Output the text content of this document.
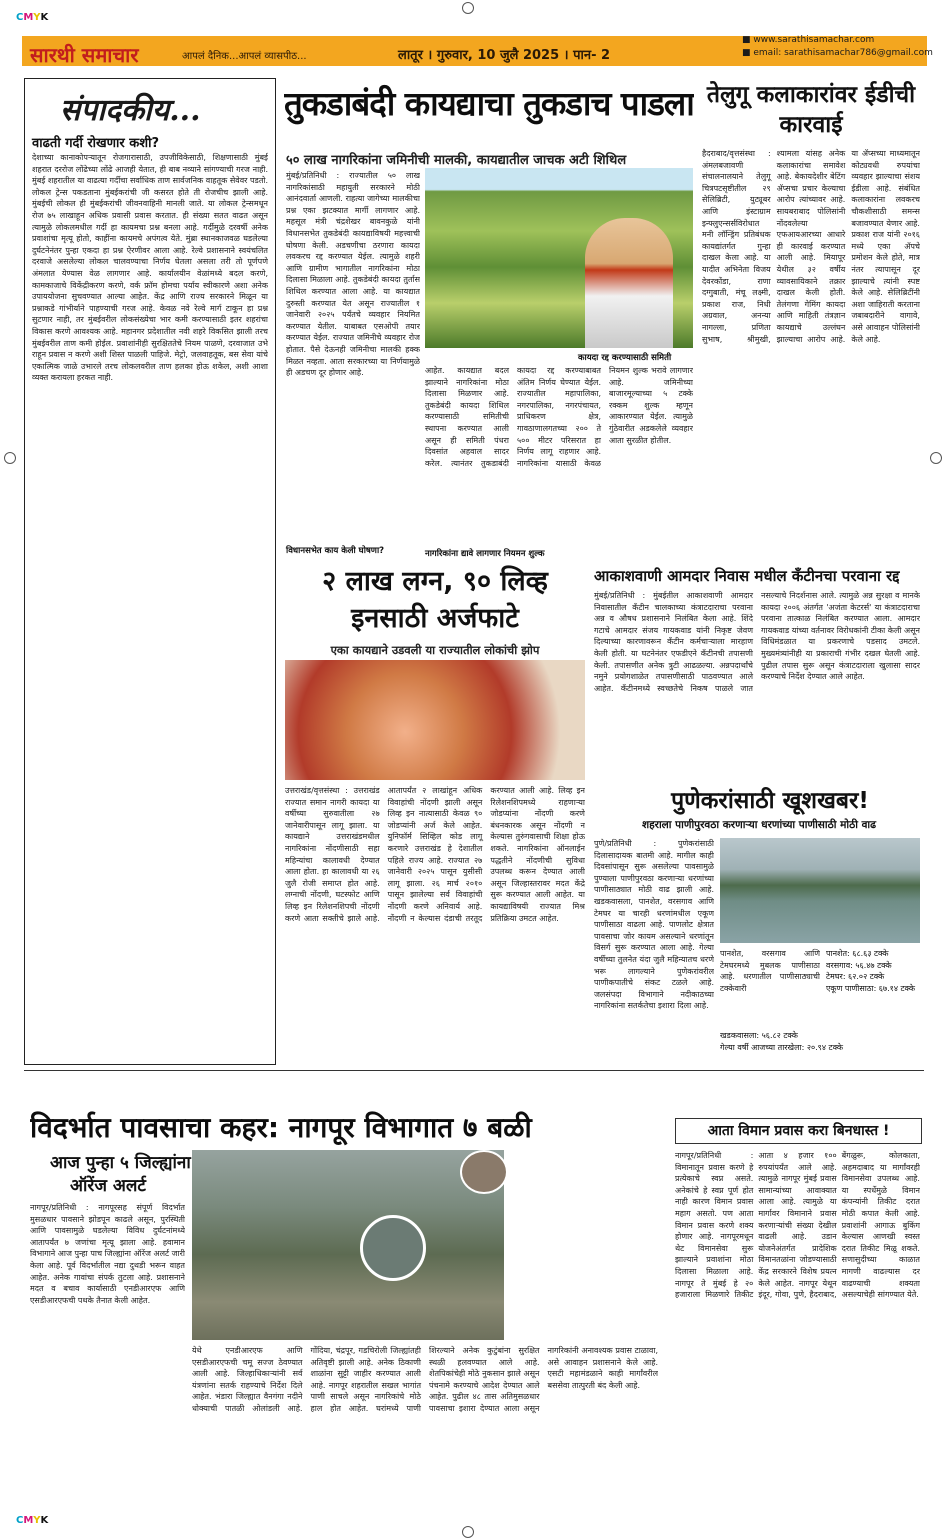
CMYK
CMYK
सारथी समाचार	आपलं दैनिक...आपलं व्यासपीठ...	लातूर । गुरुवार, 10 जुलै 2025 । पान- 2
■ www.sarathisamachar.com
■ email: sarathisamachar786@gmail.com
संपादकीय...
वाढती गर्दी रोखणार कशी?
देशाच्या कानाकोपऱ्यातून रोजगारासाठी, उपजीविकेसाठी, शिक्षणासाठी मुंबई शहरात दररोज लोंढेच्या लोंढे आजही येतात, ही बाब नव्याने सांगण्याची गरज नाही. मुंबई शहरातील या वाढत्या गर्दीचा सर्वाधिक ताण सार्वजनिक वाहतूक सेवेवर पडतो. लोकल ट्रेन्स पकडताना मुंबईकरांची जी कसरत होते ती रोजचीच झाली आहे. मुंबईची लोकल ही मुंबईकरांची जीवनवाहिनी मानली जाते. या लोकल ट्रेन्समधून रोज ७५ लाखाहून अधिक प्रवासी प्रवास करतात. ही संख्या सतत वाढत असून त्यामुळे लोकलमधील गर्दी हा कायमचा प्रश्न बनला आहे. गर्दीमुळे दरवर्षी अनेक प्रवाशांचा मृत्यू होतो, काहींना कायमचे अपंगत्व येते. मुंब्रा स्थानकाजवळ घडलेल्या दुर्घटनेनंतर पुन्हा एकदा हा प्रश्न ऐरणीवर आला आहे. रेल्वे प्रशासनाने स्वयंचलित दरवाजे असलेल्या लोकल चालवण्याचा निर्णय घेतला असला तरी तो पूर्णपणे अंमलात येण्यास वेळ लागणार आहे. कार्यालयीन वेळांमध्ये बदल करणे, कामकाजाचे विकेंद्रीकरण करणे, वर्क फ्रॉम होमचा पर्याय स्वीकारणे अशा अनेक उपाययोजना सुचवण्यात आल्या आहेत. केंद्र आणि राज्य सरकारने मिळून या प्रश्नाकडे गांभीर्याने पाहण्याची गरज आहे. केवळ नवे रेल्वे मार्ग टाकून हा प्रश्न सुटणार नाही, तर मुंबईवरील लोकसंख्येचा भार कमी करण्यासाठी इतर शहरांचा विकास करणे आवश्यक आहे. महानगर प्रदेशातील नवी शहरे विकसित झाली तरच मुंबईवरील ताण कमी होईल. प्रवाशांनीही सुरक्षिततेचे नियम पाळणे, दरवाजात उभे राहून प्रवास न करणे अशी शिस्त पाळली पाहिजे. मेट्रो, जलवाहतूक, बस सेवा यांचे एकात्मिक जाळे उभारले तरच लोकलवरील ताण हलका होऊ शकेल, अशी आशा व्यक्त करायला हरकत नाही.
तुकडाबंदी कायद्याचा तुकडाच पाडला
५० लाख नागरिकांना जमिनीची मालकी, कायद्यातील जाचक अटी शिथिल
कायदा रद्द करण्यासाठी समिती
मुंबई/प्रतिनिधी : राज्यातील ५० लाख नागरिकांसाठी महायुती सरकारने मोठी आनंदवार्ता आणली. राहत्या जागेच्या मालकीचा प्रश्न एका झटक्यात मार्गी लागणार आहे. महसूल मंत्री चंद्रशेखर बावनकुळे यांनी विधानसभेत तुकडेबंदी कायद्याविषयी महत्त्वाची घोषणा केली. अडचणीचा ठरणारा कायदा लवकरच रद्द करण्यात येईल. त्यामुळे शहरी आणि ग्रामीण भागातील नागरिकांना मोठा दिलासा मिळाला आहे. तुकडेबंदी कायदा तुर्तास शिथिल करण्यात आला आहे. या कायद्यात दुरुस्ती करण्यात येत असून राज्यातील १ जानेवारी २०२५ पर्यंतचे व्यवहार नियमित करण्यात येतील. याबाबत एसओपी तयार करण्यात येईल. राज्यात जमिनीचे व्यवहार रोज होतात. पैसे देऊनही जमिनीचा मालकी हक्क मिळत नव्हता. आता सरकारच्या या निर्णयामुळे ही अडचण दूर होणार आहे.
विधानसभेत काय केली घोषणा?
आहेत. कायद्यात बदल झाल्याने नागरिकांना मोठा दिलासा मिळणार आहे. तुकडेबंदी कायदा शिथिल करण्यासाठी समितीची स्थापना करण्यात आली असून ही समिती पंधरा दिवसांत अहवाल सादर करेल. त्यानंतर तुकडाबंदी कायदा रद्द करण्याबाबत अंतिम निर्णय घेण्यात येईल. राज्यातील महापालिका, नगरपालिका, नगरपंचायत, प्राधिकरण क्षेत्र, गावठाणालगतच्या २०० ते ५०० मीटर परिसरात हा निर्णय लागू राहणार आहे. नागरिकांना यासाठी केवळ नियमन शुल्क भरावे लागणार आहे. जमिनीच्या बाजारमूल्याच्या ५ टक्के रक्कम शुल्क म्हणून आकारण्यात येईल. त्यामुळे गुंठेवारीत अडकलेले व्यवहार आता सुरळीत होतील.
नागरिकांना द्यावे लागणार नियमन शुल्क
तेलुगू कलाकारांवर ईडीची कारवाई
हैदराबाद/वृत्तसंस्था : अंमलबजावणी संचालनालयाने तेलुगू चित्रपटसृष्टीतील २९ सेलिब्रिटी, युट्यूबर आणि इंस्टाग्राम इन्फ्लुएन्सर्सविरोधात मनी लॉन्ड्रिंग प्रतिबंधक कायद्यांतर्गत गुन्हा दाखल केला आहे. या यादीत अभिनेता विजय देवरकोंडा, राणा दग्गुबाती, मंचू लक्ष्मी, प्रकाश राज, निधी अग्रवाल, अनन्या नागल्ला, प्रणिता सुभाष, श्रीमुखी, श्यामला यांसह अनेक कलाकारांचा समावेश आहे. बेकायदेशीर बेटिंग ॲप्सचा प्रचार केल्याचा आरोप त्यांच्यावर आहे. सायबराबाद पोलिसांनी नोंदवलेल्या एफआयआरच्या आधारे ही कारवाई करण्यात आली आहे. मियापूर येथील ३२ वर्षीय व्यावसायिकाने तक्रार दाखल केली होती. तेलंगणा गेमिंग कायदा आणि माहिती तंत्रज्ञान कायद्याचे उल्लंघन झाल्याचा आरोप आहे. या ॲप्सच्या माध्यमातून कोट्यवधी रुपयांचा व्यवहार झाल्याचा संशय ईडीला आहे. संबंधित कलाकारांना लवकरच चौकशीसाठी समन्स बजावण्यात येणार आहे. प्रकाश राज यांनी २०१६ मध्ये एका ॲपचे प्रमोशन केले होते, मात्र नंतर त्यापासून दूर झाल्याचे त्यांनी स्पष्ट केले आहे. सेलिब्रिटींनी अशा जाहिराती करताना जबाबदारीने वागावे, असे आवाहन पोलिसांनी केले आहे.
२ लाख लग्न, ९० लिव्ह
इनसाठी अर्जफाटे
एका कायद्याने उडवली या राज्यातील लोकांची झोप
उत्तराखंड/वृत्तसंस्था : उत्तराखंड राज्यात समान नागरी कायदा या वर्षीच्या सुरुवातीला २७ जानेवारीपासून लागू झाला. या कायद्याने उत्तराखंडमधील नागरिकांना नोंदणीसाठी सहा महिन्यांचा कालावधी देण्यात आला होता. हा कालावधी या २६ जुलै रोजी समाप्त होत आहे. लग्नाची नोंदणी, घटस्फोट आणि लिव्ह इन रिलेशनशिपची नोंदणी करणे आता सक्तीचे झाले आहे. आतापर्यंत २ लाखांहून अधिक विवाहांची नोंदणी झाली असून लिव्ह इन नात्यासाठी केवळ ९० जोडप्यांनी अर्ज केले आहेत. युनिफॉर्म सिव्हिल कोड लागू करणारे उत्तराखंड हे देशातील पहिले राज्य आहे. राज्यात २७ जानेवारी २०२५ पासून युसीसी लागू झाला. २६ मार्च २०१० पासून झालेल्या सर्व विवाहांची नोंदणी करणे अनिवार्य आहे. नोंदणी न केल्यास दंडाची तरतूद करण्यात आली आहे. लिव्ह इन रिलेशनशिपमध्ये राहणाऱ्या जोडप्यांना नोंदणी करणे बंधनकारक असून नोंदणी न केल्यास तुरुंगवासाची शिक्षा होऊ शकते. नागरिकांना ऑनलाईन पद्धतीने नोंदणीची सुविधा उपलब्ध करून देण्यात आली असून जिल्हास्तरावर मदत केंद्रे सुरू करण्यात आली आहेत. या कायद्याविषयी राज्यात मिश्र प्रतिक्रिया उमटत आहेत.
आकाशवाणी आमदार निवास मधील कँटीनचा परवाना रद्द
मुंबई/प्रतिनिधी : मुंबईतील आकाशवाणी आमदार निवासातील कँटीन चालकाच्या कंत्राटदाराचा परवाना अन्न व औषध प्रशासनाने निलंबित केला आहे. शिंदे गटाचे आमदार संजय गायकवाड यांनी निकृष्ट जेवण दिल्याच्या कारणावरून कँटीन कर्मचाऱ्याला मारहाण केली होती. या घटनेनंतर एफडीएने कँटीनची तपासणी केली. तपासणीत अनेक त्रुटी आढळल्या. अन्नपदार्थांचे नमुने प्रयोगशाळेत तपासणीसाठी पाठवण्यात आले आहेत. कँटीनमध्ये स्वच्छतेचे निकष पाळले जात नसल्याचे निदर्शनास आले. त्यामुळे अन्न सुरक्षा व मानके कायदा २००६ अंतर्गत 'अजंता केटरर्स' या कंत्राटदाराचा परवाना तात्काळ निलंबित करण्यात आला. आमदार गायकवाड यांच्या वर्तनावर विरोधकांनी टीका केली असून विधिमंडळात या प्रकरणाचे पडसाद उमटले. मुख्यमंत्र्यांनीही या प्रकाराची गंभीर दखल घेतली आहे. पुढील तपास सुरू असून कंत्राटदाराला खुलासा सादर करण्याचे निर्देश देण्यात आले आहेत.
पुणेकरांसाठी खूशखबर!
शहराला पाणीपुरवठा करणाऱ्या धरणांच्या पाणीसाठी मोठी वाढ
पुणे/प्रतिनिधी : पुणेकरांसाठी दिलासादायक बातमी आहे. मागील काही दिवसांपासून सुरू असलेल्या पावसामुळे पुण्याला पाणीपुरवठा करणाऱ्या धरणांच्या पाणीसाठ्यात मोठी वाढ झाली आहे. खडकवासला, पानशेत, वरसगाव आणि टेमघर या चारही धरणांमधील एकूण पाणीसाठा वाढला आहे. पाणलोट क्षेत्रात पावसाचा जोर कायम असल्याने धरणांतून विसर्ग सुरू करण्यात आला आहे. गेल्या वर्षीच्या तुलनेत यंदा जुलै महिन्यातच धरणे भरू लागल्याने पुणेकरांवरील पाणीकपातीचे संकट टळले आहे. जलसंपदा विभागाने नदीकाठच्या नागरिकांना सतर्कतेचा इशारा दिला आहे.
पानशेत, वरसगाव आणि टेमघरमध्ये मुबलक पाणीसाठा आहे. धरणातील पाणीसाठ्याची टक्केवारी
पानशेत: ६८.६३ टक्के
वरसगाव: ५६.४७ टक्के
टेमघर: ६२.०२ टक्के
एकूण पाणीसाठा: ६७.१४ टक्के
खडकवासला: ५६.८२ टक्के
गेल्या वर्षी आजच्या तारखेला: २०.९४ टक्के
विदर्भात पावसाचा कहर: नागपूर विभागात ७ बळी
आज पुन्हा ५ जिल्ह्यांना
ऑरेंज अलर्ट
नागपूर/प्रतिनिधी : नागपूरसह संपूर्ण विदर्भात मुसळधार पावसाने झोडपून काढले असून, पुरस्थिती आणि पावसामुळे घडलेल्या विविध दुर्घटनांमध्ये आतापर्यंत ७ जणांचा मृत्यू झाला आहे. हवामान विभागाने आज पुन्हा पाच जिल्ह्यांना ऑरेंज अलर्ट जारी केला आहे. पूर्व विदर्भातील नद्या दुथडी भरून वाहत आहेत. अनेक गावांचा संपर्क तुटला आहे. प्रशासनाने मदत व बचाव कार्यासाठी एनडीआरएफ आणि एसडीआरएफची पथके तैनात केली आहेत.
येथे एनडीआरएफ आणि एसडीआरएफची चमू सज्ज ठेवण्यात आली आहे. जिल्हाधिकाऱ्यांनी सर्व यंत्रणांना सतर्क राहण्याचे निर्देश दिले आहेत. भंडारा जिल्ह्यात वैनगंगा नदीने धोक्याची पातळी ओलांडली आहे. गोंदिया, चंद्रपूर, गडचिरोली जिल्ह्यांतही अतिवृष्टी झाली आहे. अनेक ठिकाणी शाळांना सुट्टी जाहीर करण्यात आली आहे. नागपूर शहरातील सखल भागांत पाणी साचले असून नागरिकांचे मोठे हाल होत आहेत. घरांमध्ये पाणी शिरल्याने अनेक कुटुंबांना सुरक्षित स्थळी हलवण्यात आले आहे. शेतपिकांचेही मोठे नुकसान झाले असून पंचनामे करण्याचे आदेश देण्यात आले आहेत. पुढील ४८ तास अतिमुसळधार पावसाचा इशारा देण्यात आला असून नागरिकांनी अनावश्यक प्रवास टाळावा, असे आवाहन प्रशासनाने केले आहे. एसटी महामंडळाने काही मार्गांवरील बससेवा तात्पुरती बंद केली आहे.
आता विमान प्रवास करा बिनधास्त !
नागपूर/प्रतिनिधी : विमानातून प्रवास करणे हे प्रत्येकाचे स्वप्न असते. अनेकांचे हे स्वप्न पूर्ण होत नाही कारण विमान प्रवास महाग असतो. पण आता विमान प्रवास करणे शक्य होणार आहे. नागपूरमधून थेट विमानसेवा सुरू झाल्याने प्रवाशांना मोठा दिलासा मिळाला आहे. नागपूर ते मुंबई हे २० हजाराला मिळणारे तिकीट आता ४ हजार १०० रुपयांपर्यंत आले आहे. त्यामुळे नागपूर मुंबई प्रवास सामान्यांच्या आवाक्यात आला आहे. त्यामुळे या मार्गावर विमानाने प्रवास करणाऱ्यांची संख्या देखील वाढली आहे. उडान योजनेअंतर्गत प्रादेशिक विमानतळांना जोडण्यासाठी केंद्र सरकारने विशेष प्रयत्न केले आहेत. नागपूर येथून इंदूर, गोवा, पुणे, हैदराबाद, बेंगळुरू, कोलकाता, अहमदाबाद या मार्गांवरही विमानसेवा उपलब्ध आहे. या स्पर्धेमुळे विमान कंपन्यांनी तिकीट दरात मोठी कपात केली आहे. प्रवाशांनी आगाऊ बुकिंग केल्यास आणखी स्वस्त दरात तिकीट मिळू शकते. सणासुदीच्या काळात मागणी वाढल्यास दर वाढण्याची शक्यता असल्याचेही सांगण्यात येते.
